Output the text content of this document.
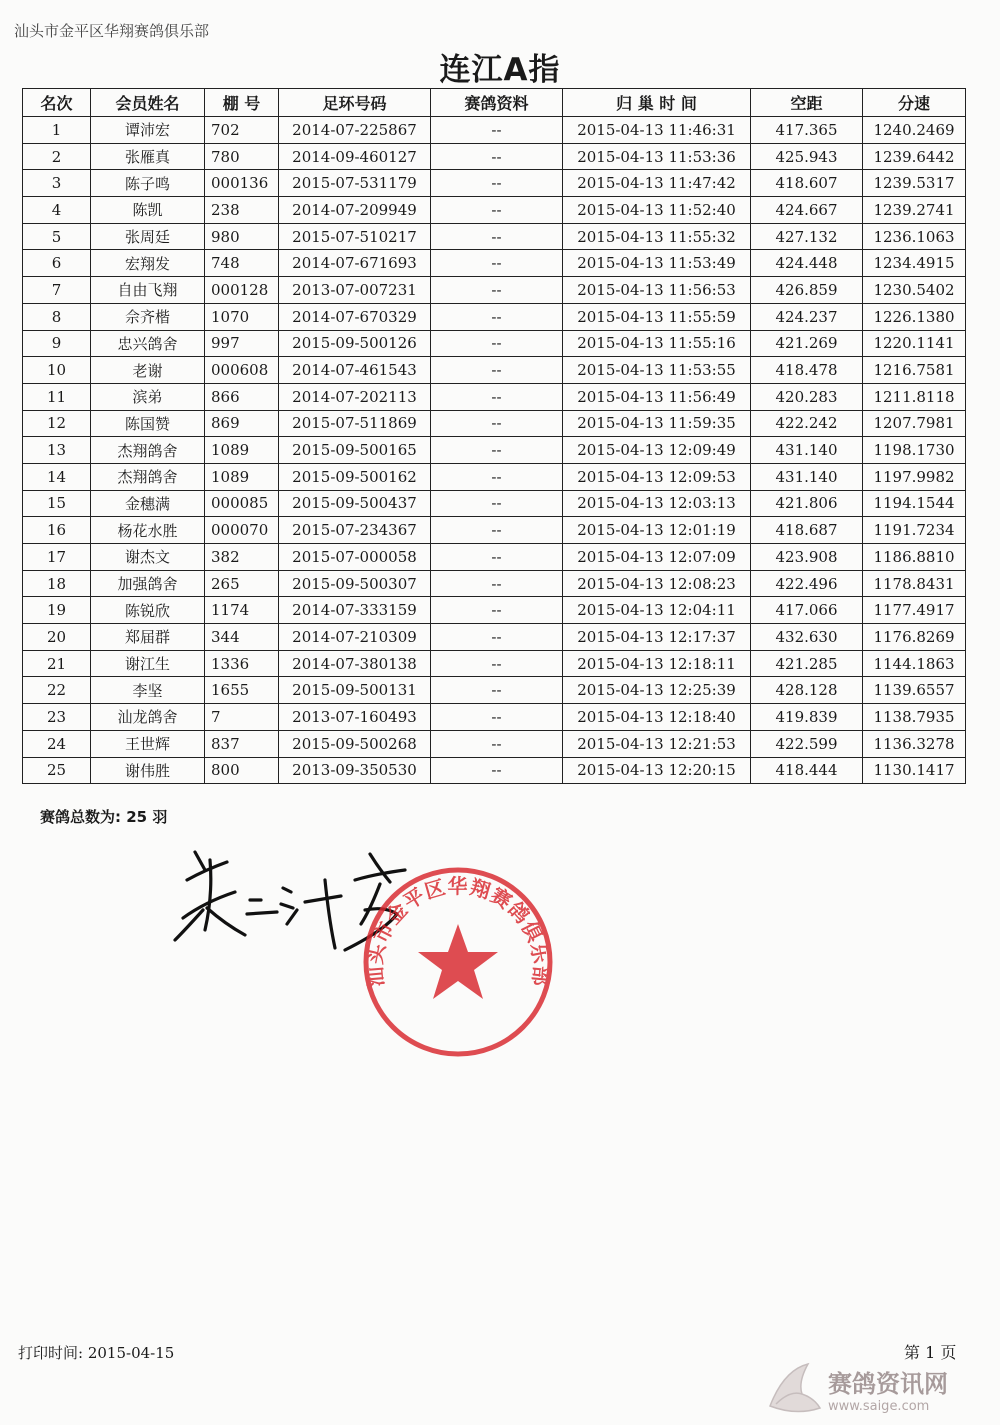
汕头市金平区华翔赛鸽俱乐部
连江A指
名次	会员姓名	棚 号	足环号码	赛鸽资料	归 巢 时 间	空距	分速
1	谭沛宏	702	2014-07-225867	--	2015-04-13 11:46:31	417.365	1240.2469
2	张雁真	780	2014-09-460127	--	2015-04-13 11:53:36	425.943	1239.6442
3	陈子鸣	000136	2015-07-531179	--	2015-04-13 11:47:42	418.607	1239.5317
4	陈凯	238	2014-07-209949	--	2015-04-13 11:52:40	424.667	1239.2741
5	张周廷	980	2015-07-510217	--	2015-04-13 11:55:32	427.132	1236.1063
6	宏翔发	748	2014-07-671693	--	2015-04-13 11:53:49	424.448	1234.4915
7	自由飞翔	000128	2013-07-007231	--	2015-04-13 11:56:53	426.859	1230.5402
8	佘齐楷	1070	2014-07-670329	--	2015-04-13 11:55:59	424.237	1226.1380
9	忠兴鸽舍	997	2015-09-500126	--	2015-04-13 11:55:16	421.269	1220.1141
10	老谢	000608	2014-07-461543	--	2015-04-13 11:53:55	418.478	1216.7581
11	滨弟	866	2014-07-202113	--	2015-04-13 11:56:49	420.283	1211.8118
12	陈国赞	869	2015-07-511869	--	2015-04-13 11:59:35	422.242	1207.7981
13	杰翔鸽舍	1089	2015-09-500165	--	2015-04-13 12:09:49	431.140	1198.1730
14	杰翔鸽舍	1089	2015-09-500162	--	2015-04-13 12:09:53	431.140	1197.9982
15	金穗满	000085	2015-09-500437	--	2015-04-13 12:03:13	421.806	1194.1544
16	杨花水胜	000070	2015-07-234367	--	2015-04-13 12:01:19	418.687	1191.7234
17	谢杰文	382	2015-07-000058	--	2015-04-13 12:07:09	423.908	1186.8810
18	加强鸽舍	265	2015-09-500307	--	2015-04-13 12:08:23	422.496	1178.8431
19	陈锐欣	1174	2014-07-333159	--	2015-04-13 12:04:11	417.066	1177.4917
20	郑届群	344	2014-07-210309	--	2015-04-13 12:17:37	432.630	1176.8269
21	谢江生	1336	2014-07-380138	--	2015-04-13 12:18:11	421.285	1144.1863
22	李坚	1655	2015-09-500131	--	2015-04-13 12:25:39	428.128	1139.6557
23	汕龙鸽舍	7	2013-07-160493	--	2015-04-13 12:18:40	419.839	1138.7935
24	王世辉	837	2015-09-500268	--	2015-04-13 12:21:53	422.599	1136.3278
25	谢伟胜	800	2013-09-350530	--	2015-04-13 12:20:15	418.444	1130.1417
赛鸽总数为: 25 羽
汕头市金平区华翔赛鸽俱乐部
打印时间: 2015-04-15	第 1 页
赛鸽资讯网
www.saige.com
